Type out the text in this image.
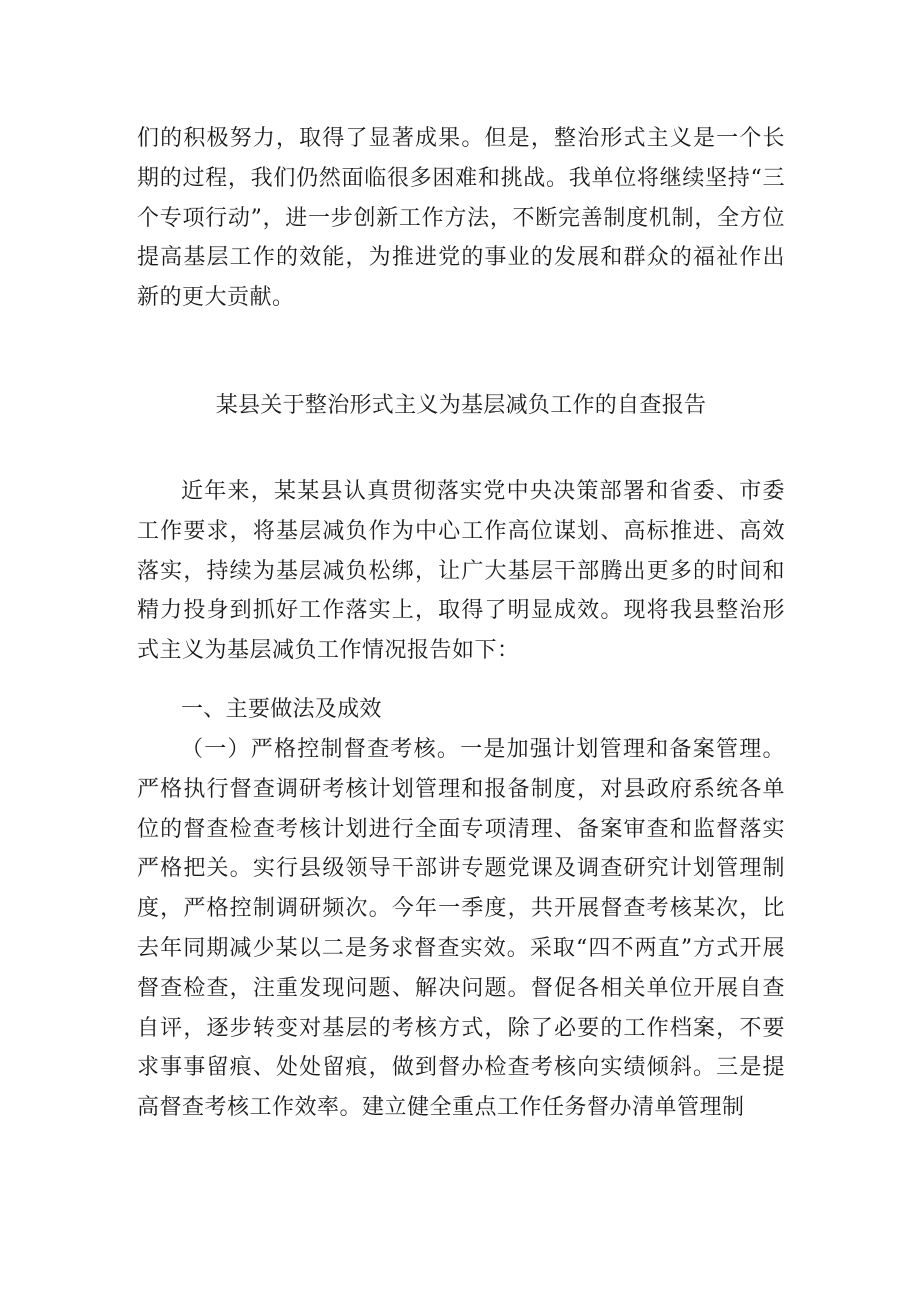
们的积极努力，取得了显著成果。但是，整治形式主义是一个长期的过程，我们仍然面临很多困难和挑战。我单位将继续坚持“三个专项行动”，进一步创新工作方法，不断完善制度机制，全方位提高基层工作的效能，为推进党的事业的发展和群众的福祉作出新的更大贡献。

某县关于整治形式主义为基层减负工作的自查报告

近年来，某某县认真贯彻落实党中央决策部署和省委、市委工作要求，将基层减负作为中心工作高位谋划、高标推进、高效落实，持续为基层减负松绑，让广大基层干部腾出更多的时间和精力投身到抓好工作落实上，取得了明显成效。现将我县整治形式主义为基层减负工作情况报告如下：

一、主要做法及成效

（一）严格控制督查考核。一是加强计划管理和备案管理。严格执行督查调研考核计划管理和报备制度，对县政府系统各单位的督查检查考核计划进行全面专项清理、备案审查和监督落实严格把关。实行县级领导干部讲专题党课及调查研究计划管理制度，严格控制调研频次。今年一季度，共开展督查考核某次，比去年同期减少某以二是务求督查实效。采取“四不两直”方式开展督查检查，注重发现问题、解决问题。督促各相关单位开展自查自评，逐步转变对基层的考核方式，除了必要的工作档案，不要求事事留痕、处处留痕，做到督办检查考核向实绩倾斜。三是提高督查考核工作效率。建立健全重点工作任务督办清单管理制
